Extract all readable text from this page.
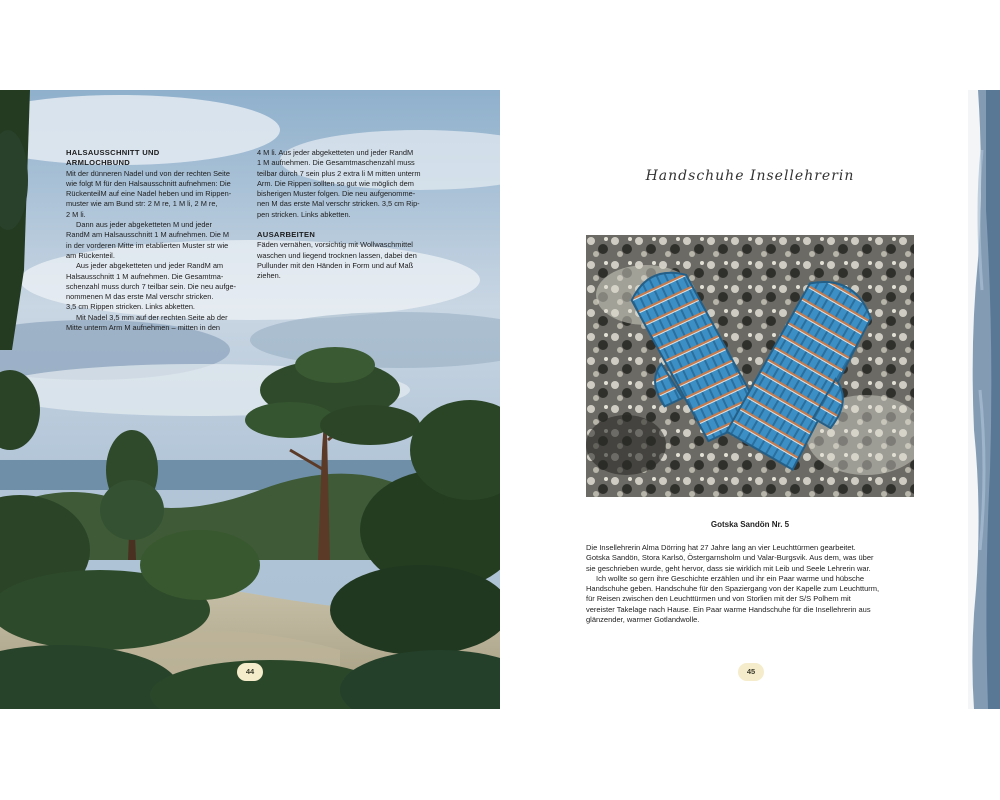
HALSAUSSCHNITT UND

ARMLOCHBUND

Mit der dünneren Nadel und von der rechten Seite

wie folgt M für den Halsausschnitt aufnehmen: Die

RückenteilM auf eine Nadel heben und im Rippen-

muster wie am Bund str: 2 M re, 1 M li, 2 M re,

2 M li.

Dann aus jeder abgeketteten M und jeder

RandM am Halsausschnitt 1 M aufnehmen. Die M

in der vorderen Mitte im etablierten Muster str wie

am Rückenteil.

Aus jeder abgeketteten und jeder RandM am

Halsausschnitt 1 M aufnehmen. Die Gesamtma-

schenzahl muss durch 7 teilbar sein. Die neu aufge-

nommenen M das erste Mal verschr stricken.

3,5 cm Rippen stricken. Links abketten.

Mit Nadel 3,5 mm auf der rechten Seite ab der

Mitte unterm Arm M aufnehmen – mitten in den

4 M li. Aus jeder abgeketteten und jeder RandM

1 M aufnehmen. Die Gesamtmaschenzahl muss

teilbar durch 7 sein plus 2 extra li M mitten unterm

Arm. Die Rippen sollten so gut wie möglich dem

bisherigen Muster folgen. Die neu aufgenomme-

nen M das erste Mal verschr stricken. 3,5 cm Rip-

pen stricken. Links abketten.

AUSARBEITEN

Fäden vernähen, vorsichtig mit Wollwaschmittel

waschen und liegend trocknen lassen, dabei den

Pullunder mit den Händen in Form und auf Maß

ziehen.

44
Handschuhe Insellehrerin
Gotska Sandön Nr. 5

Die Insellehrerin Alma Dörring hat 27 Jahre lang an vier Leuchttürmen gearbeitet.

Gotska Sandön, Stora Karlsö, Östergarnsholm und Valar-Burgsvik. Aus dem, was über

sie geschrieben wurde, geht hervor, dass sie wirklich mit Leib und Seele Lehrerin war.

Ich wollte so gern ihre Geschichte erzählen und ihr ein Paar warme und hübsche

Handschuhe geben. Handschuhe für den Spaziergang von der Kapelle zum Leuchtturm,

für Reisen zwischen den Leuchttürmen und von Storlien mit der S/S Polhem mit

vereister Takelage nach Hause. Ein Paar warme Handschuhe für die Insellehrerin aus

glänzender, warmer Gotlandwolle.

45
